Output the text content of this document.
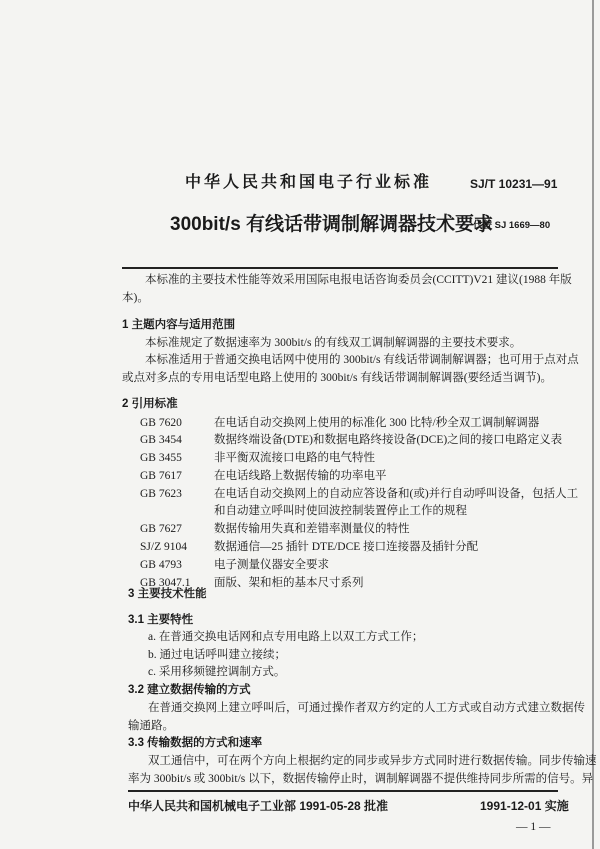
中华人民共和国电子行业标准	SJ/T 10231—91
300bit/s 有线话带调制解调器技术要求
代替 SJ 1669—80
本标准的主要技术性能等效采用国际电报电话咨询委员会(CCITT)V21 建议(1988 年版
本)。
1 主题内容与适用范围
本标准规定了数据速率为 300bit/s 的有线双工调制解调器的主要技术要求。
本标准适用于普通交换电话网中使用的 300bit/s 有线话带调制解调器；也可用于点对点
或点对多点的专用电话型电路上使用的 300bit/s 有线话带调制解调器(要经适当调节)。
2 引用标准
GB 7620	在电话自动交换网上使用的标准化 300 比特/秒全双工调制解调器
GB 3454	数据终端设备(DTE)和数据电路终接设备(DCE)之间的接口电路定义表
GB 3455	非平衡双流接口电路的电气特性
GB 7617	在电话线路上数据传输的功率电平
GB 7623	在电话自动交换网上的自动应答设备和(或)并行自动呼叫设备，包括人工
和自动建立呼叫时使回波控制装置停止工作的规程
GB 7627	数据传输用失真和差错率测量仪的特性
SJ/Z 9104 数据通信—25 插针 DTE/DCE 接口连接器及插针分配
GB 4793	电子测量仪器安全要求
GB 3047.1 面版、架和柜的基本尺寸系列
3 主要技术性能
3.1 主要特性
a. 在普通交换电话网和点专用电路上以双工方式工作；
b. 通过电话呼叫建立接续；
c. 采用移频键控调制方式。
3.2 建立数据传输的方式
在普通交换网上建立呼叫后，可通过操作者双方约定的人工方式或自动方式建立数据传
输通路。
3.3 传输数据的方式和速率
双工通信中，可在两个方向上根据约定的同步或异步方式同时进行数据传输。同步传输速
率为 300bit/s 或 300bit/s 以下，数据传输停止时，调制解调器不提供维持同步所需的信号。异
中华人民共和国机械电子工业部 1991-05-28 批准	1991-12-01 实施
— 1 —
